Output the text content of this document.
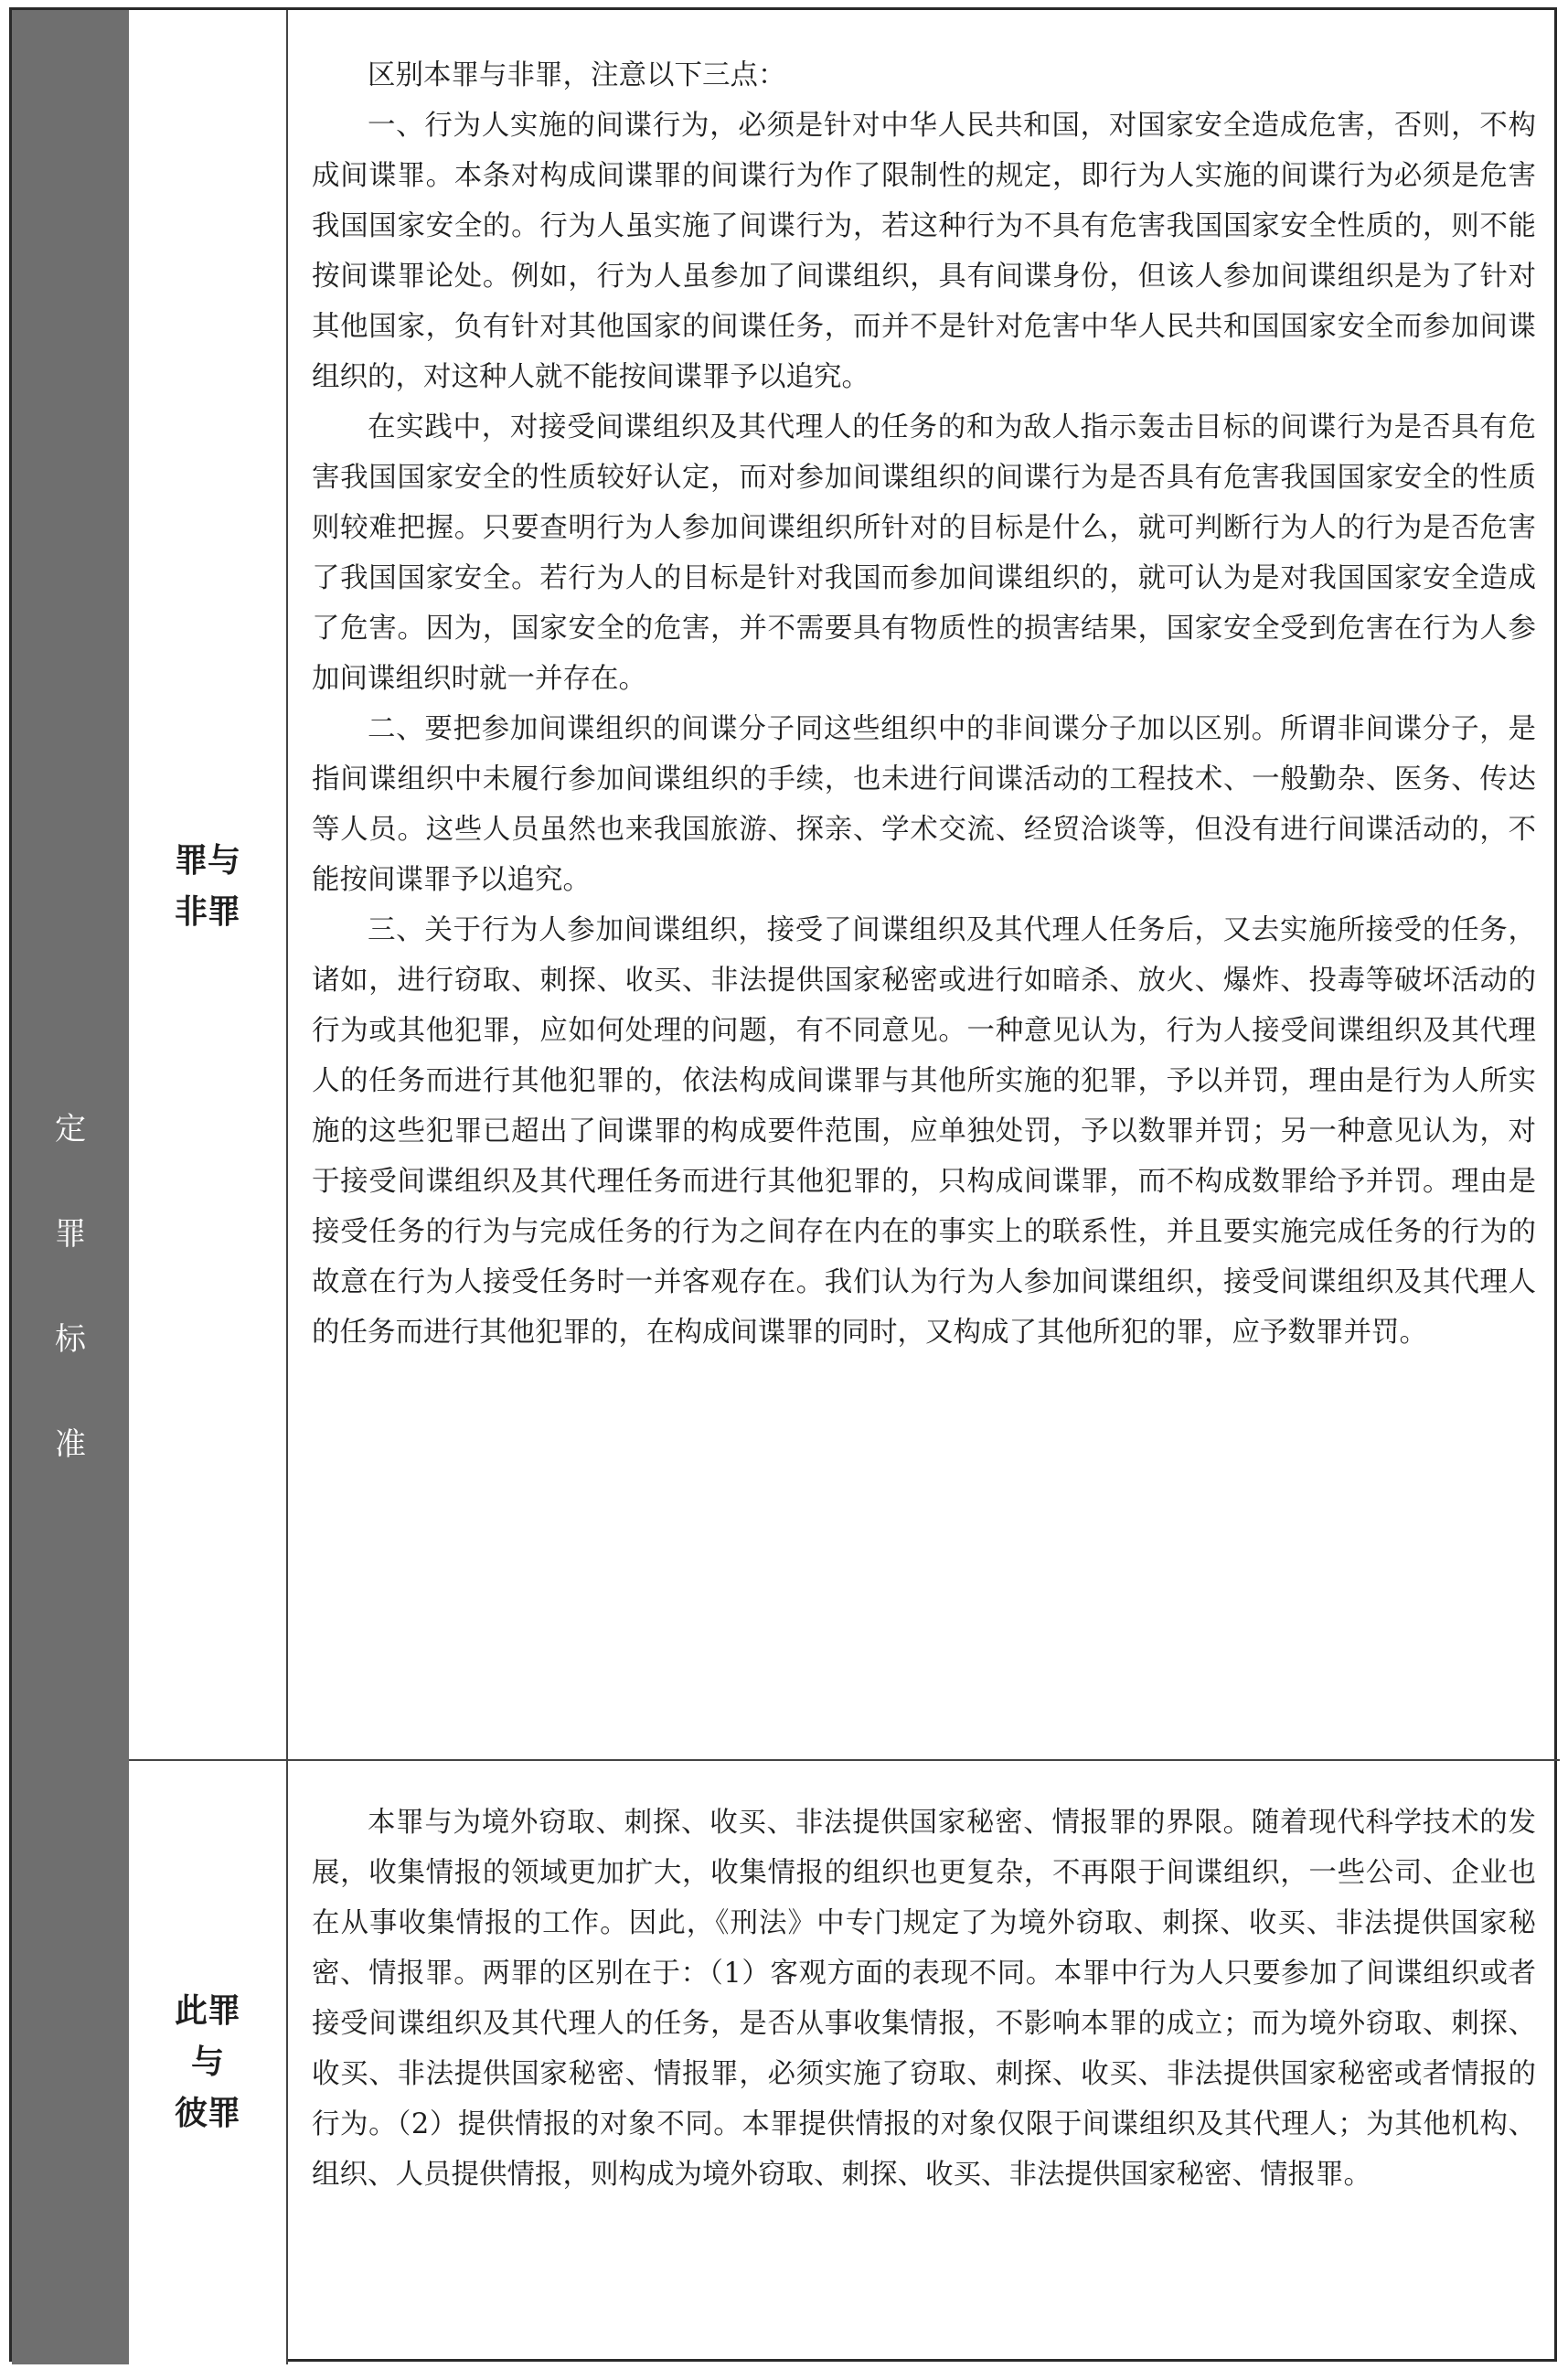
定
罪
标
准
罪与
非罪

区别本罪与非罪，注意以下三点：

一、行为人实施的间谍行为，必须是针对中华人民共和国，对国家安全造成危害，否则，不构成间谍罪。本条对构成间谍罪的间谍行为作了限制性的规定，即行为人实施的间谍行为必须是危害我国国家安全的。行为人虽实施了间谍行为，若这种行为不具有危害我国国家安全性质的，则不能按间谍罪论处。例如，行为人虽参加了间谍组织，具有间谍身份，但该人参加间谍组织是为了针对其他国家，负有针对其他国家的间谍任务，而并不是针对危害中华人民共和国国家安全而参加间谍组织的，对这种人就不能按间谍罪予以追究。

在实践中，对接受间谍组织及其代理人的任务的和为敌人指示轰击目标的间谍行为是否具有危害我国国家安全的性质较好认定，而对参加间谍组织的间谍行为是否具有危害我国国家安全的性质则较难把握。只要查明行为人参加间谍组织所针对的目标是什么，就可判断行为人的行为是否危害了我国国家安全。若行为人的目标是针对我国而参加间谍组织的，就可认为是对我国国家安全造成了危害。因为，国家安全的危害，并不需要具有物质性的损害结果，国家安全受到危害在行为人参加间谍组织时就一并存在。

二、要把参加间谍组织的间谍分子同这些组织中的非间谍分子加以区别。所谓非间谍分子，是指间谍组织中未履行参加间谍组织的手续，也未进行间谍活动的工程技术、一般勤杂、医务、传达等人员。这些人员虽然也来我国旅游、探亲、学术交流、经贸洽谈等，但没有进行间谍活动的，不能按间谍罪予以追究。

三、关于行为人参加间谍组织，接受了间谍组织及其代理人任务后，又去实施所接受的任务，诸如，进行窃取、刺探、收买、非法提供国家秘密或进行如暗杀、放火、爆炸、投毒等破坏活动的行为或其他犯罪，应如何处理的问题，有不同意见。一种意见认为，行为人接受间谍组织及其代理人的任务而进行其他犯罪的，依法构成间谍罪与其他所实施的犯罪，予以并罚，理由是行为人所实施的这些犯罪已超出了间谍罪的构成要件范围，应单独处罚，予以数罪并罚；另一种意见认为，对于接受间谍组织及其代理任务而进行其他犯罪的，只构成间谍罪，而不构成数罪给予并罚。理由是接受任务的行为与完成任务的行为之间存在内在的事实上的联系性，并且要实施完成任务的行为的故意在行为人接受任务时一并客观存在。我们认为行为人参加间谍组织，接受间谍组织及其代理人的任务而进行其他犯罪的，在构成间谍罪的同时，又构成了其他所犯的罪，应予数罪并罚。

此罪
与
彼罪

本罪与为境外窃取、刺探、收买、非法提供国家秘密、情报罪的界限。随着现代科学技术的发展，收集情报的领域更加扩大，收集情报的组织也更复杂，不再限于间谍组织，一些公司、企业也在从事收集情报的工作。因此，《刑法》中专门规定了为境外窃取、刺探、收买、非法提供国家秘密、情报罪。两罪的区别在于：（1）客观方面的表现不同。本罪中行为人只要参加了间谍组织或者接受间谍组织及其代理人的任务，是否从事收集情报，不影响本罪的成立；而为境外窃取、刺探、收买、非法提供国家秘密、情报罪，必须实施了窃取、刺探、收买、非法提供国家秘密或者情报的行为。（2）提供情报的对象不同。本罪提供情报的对象仅限于间谍组织及其代理人；为其他机构、组织、人员提供情报，则构成为境外窃取、刺探、收买、非法提供国家秘密、情报罪。
